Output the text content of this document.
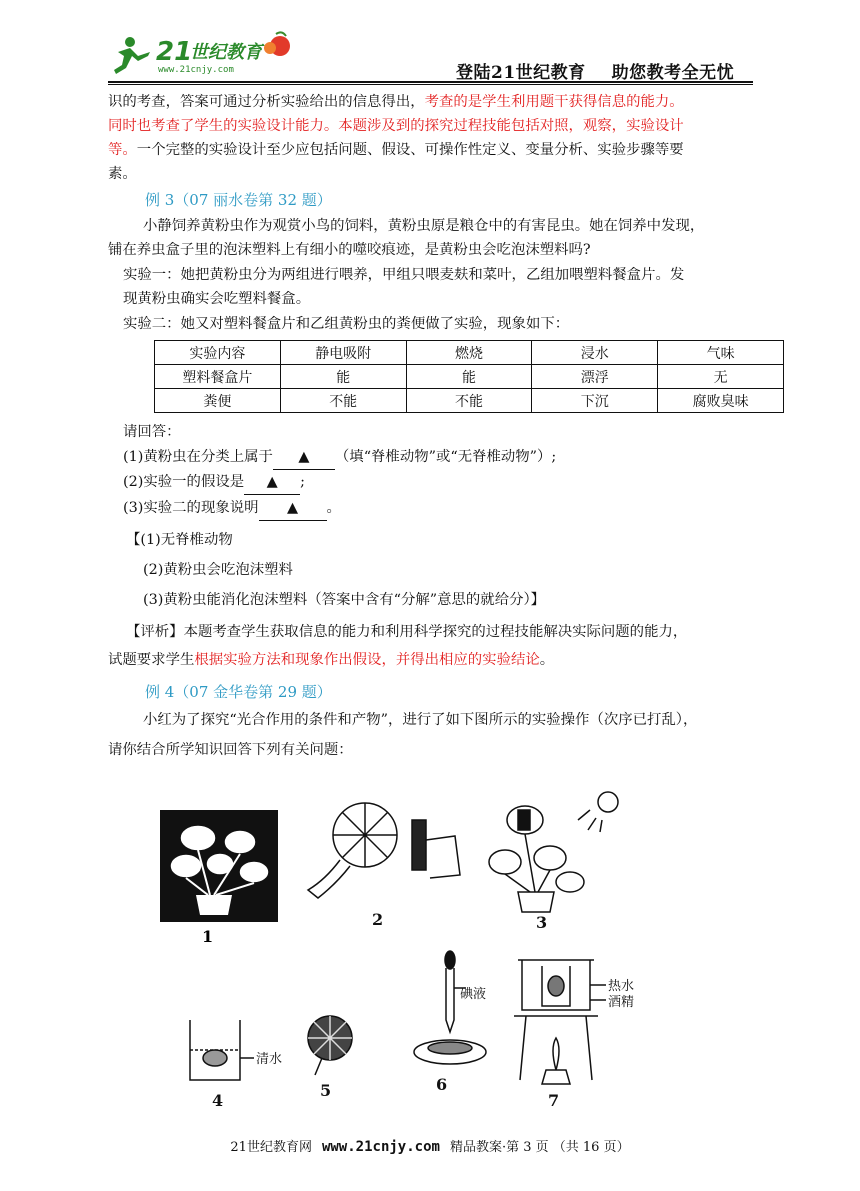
21
世纪教育
www.21cnjy.com	登陆21世纪教育 助您教考全无忧
识的考查，答案可通过分析实验给出的信息得出，考查的是学生利用题干获得信息的能力。
同时也考查了学生的实验设计能力。本题涉及到的探究过程技能包括对照，观察，实验设计
等。一个完整的实验设计至少应包括问题、假设、可操作性定义、变量分析、实验步骤等要
素。
例 3（07 丽水卷第 32 题）
小静饲养黄粉虫作为观赏小鸟的饲料，黄粉虫原是粮仓中的有害昆虫。她在饲养中发现，
铺在养虫盒子里的泡沫塑料上有细小的噬咬痕迹，是黄粉虫会吃泡沫塑料吗?
实验一：她把黄粉虫分为两组进行喂养，甲组只喂麦麸和菜叶，乙组加喂塑料餐盒片。发
现黄粉虫确实会吃塑料餐盒。
实验二：她又对塑料餐盒片和乙组黄粉虫的粪便做了实验，现象如下：
实验内容	静电吸附	燃烧	浸水	气味
塑料餐盒片	能	能	漂浮	无
粪便	不能	不能	下沉	腐败臭味
请回答：
(1)黄粉虫在分类上属于 ▲ （填“脊椎动物”或“无脊椎动物”）;
(2)实验一的假设是 ▲ ;
(3)实验二的现象说明 ▲ 。
【(1)无脊椎动物
(2)黄粉虫会吃泡沫塑料
(3)黄粉虫能消化泡沫塑料（答案中含有“分解”意思的就给分）】
【评析】本题考查学生获取信息的能力和利用科学探究的过程技能解决实际问题的能力，
试题要求学生根据实验方法和现象作出假设，并得出相应的实验结论。
例 4（07 金华卷第 29 题）
小红为了探究“光合作用的条件和产物”，进行了如下图所示的实验操作（次序已打乱），
请你结合所学知识回答下列有关问题：
1
2	3
清水
4
5
碘液
6
热水
酒精
7
21世纪教育网 www.21cnjy.com 精品教案·第 3 页 （共 16 页）
